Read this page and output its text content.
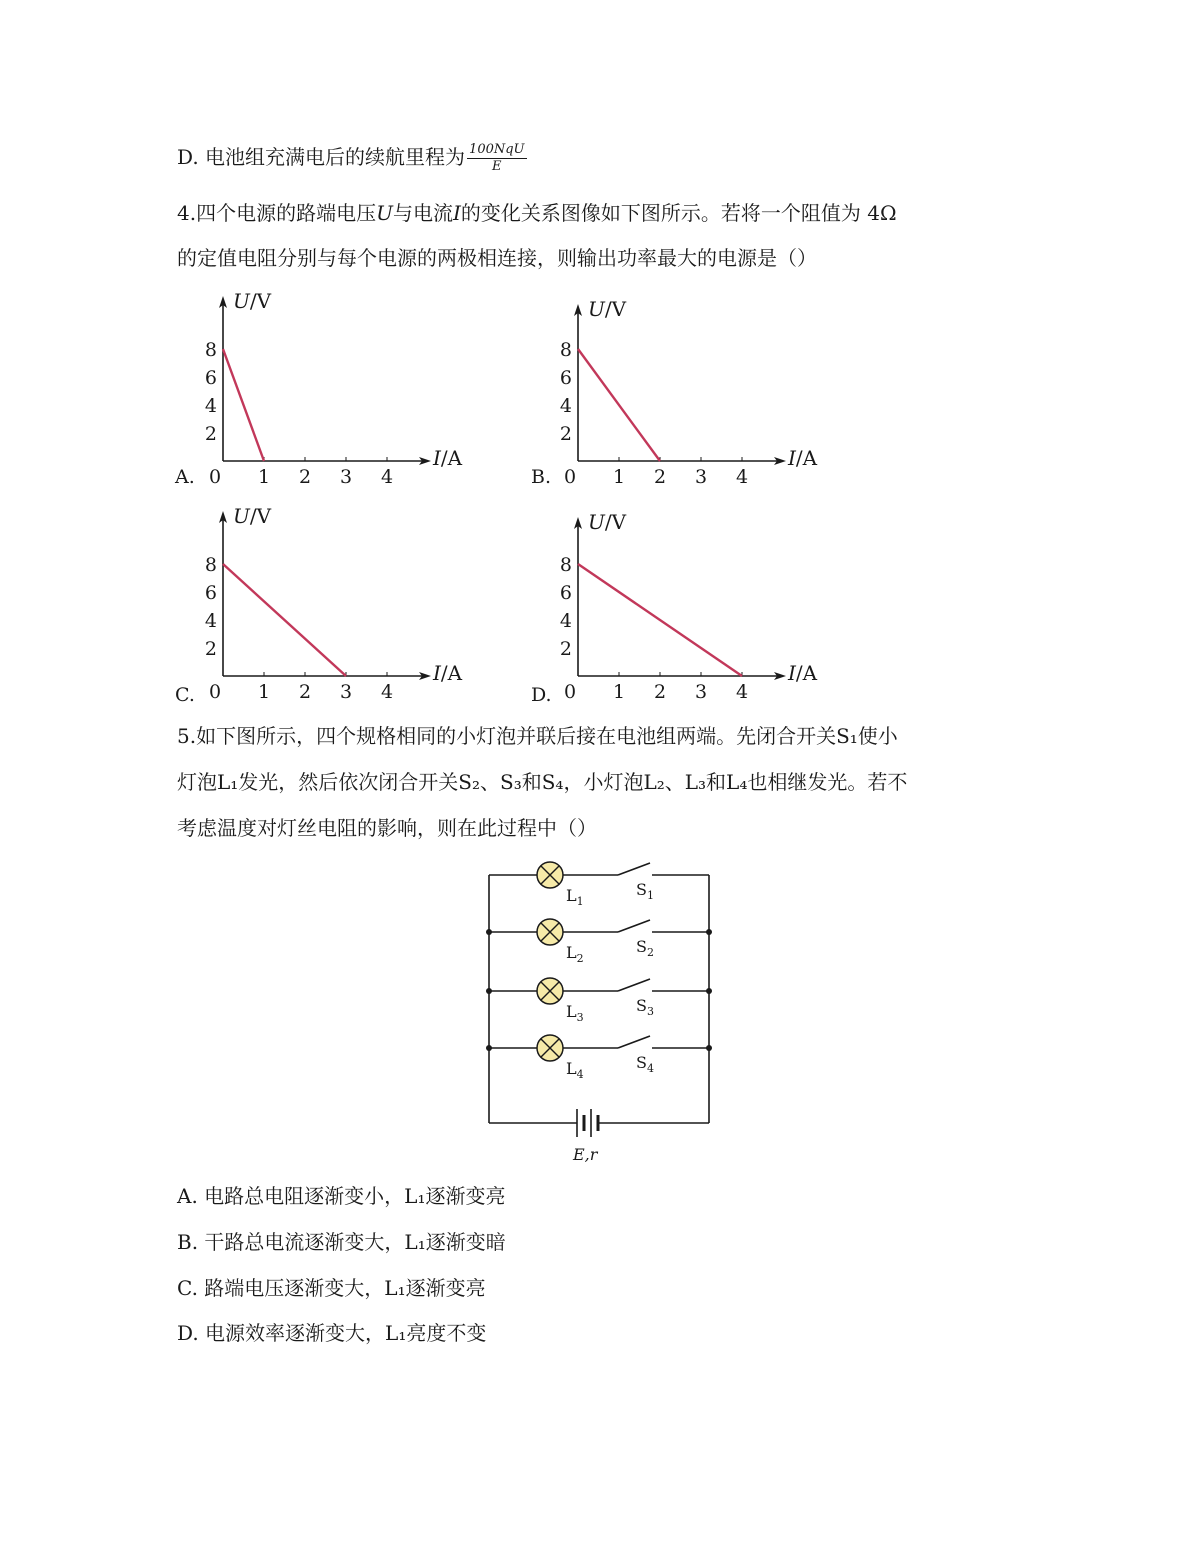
D. 电池组充满电后的续航里程为 $\frac{\text{100NqU}}{E}$
4.四个电源的路端电压U与电流I的变化关系图像如下图所示。若将一个阻值为 4Ω
的定值电阻分别与每个电源的两极相连接，则输出功率最大的电源是（）
A. 0 1 2 3 4
2
4
6
8
U/V
I/A
B. 0 1 2 3 4
2
4
6
8
U/V
I/A
C. 0 1 2 3 4
2
4
6
8
U/V
I/A
D. 0 1 2 3 4
2
4
6
8
U/V
I/A
5.如下图所示，四个规格相同的小灯泡并联后接在电池组两端。先闭合开关S₁使小
灯泡L₁发光，然后依次闭合开关S₂、S₃和S₄，小灯泡L₂、L₃和L₄也相继发光。若不
考虑温度对灯丝电阻的影响，则在此过程中（）
E,r
$L_1$
$S_1$
$L_2$
$S_2$
$L_3$
$S_3$
$L_4$
$S_4$
A. 电路总电阻逐渐变小，L₁逐渐变亮
B. 干路总电流逐渐变大，L₁逐渐变暗
C. 路端电压逐渐变大，L₁逐渐变亮
D. 电源效率逐渐变大，L₁亮度不变
